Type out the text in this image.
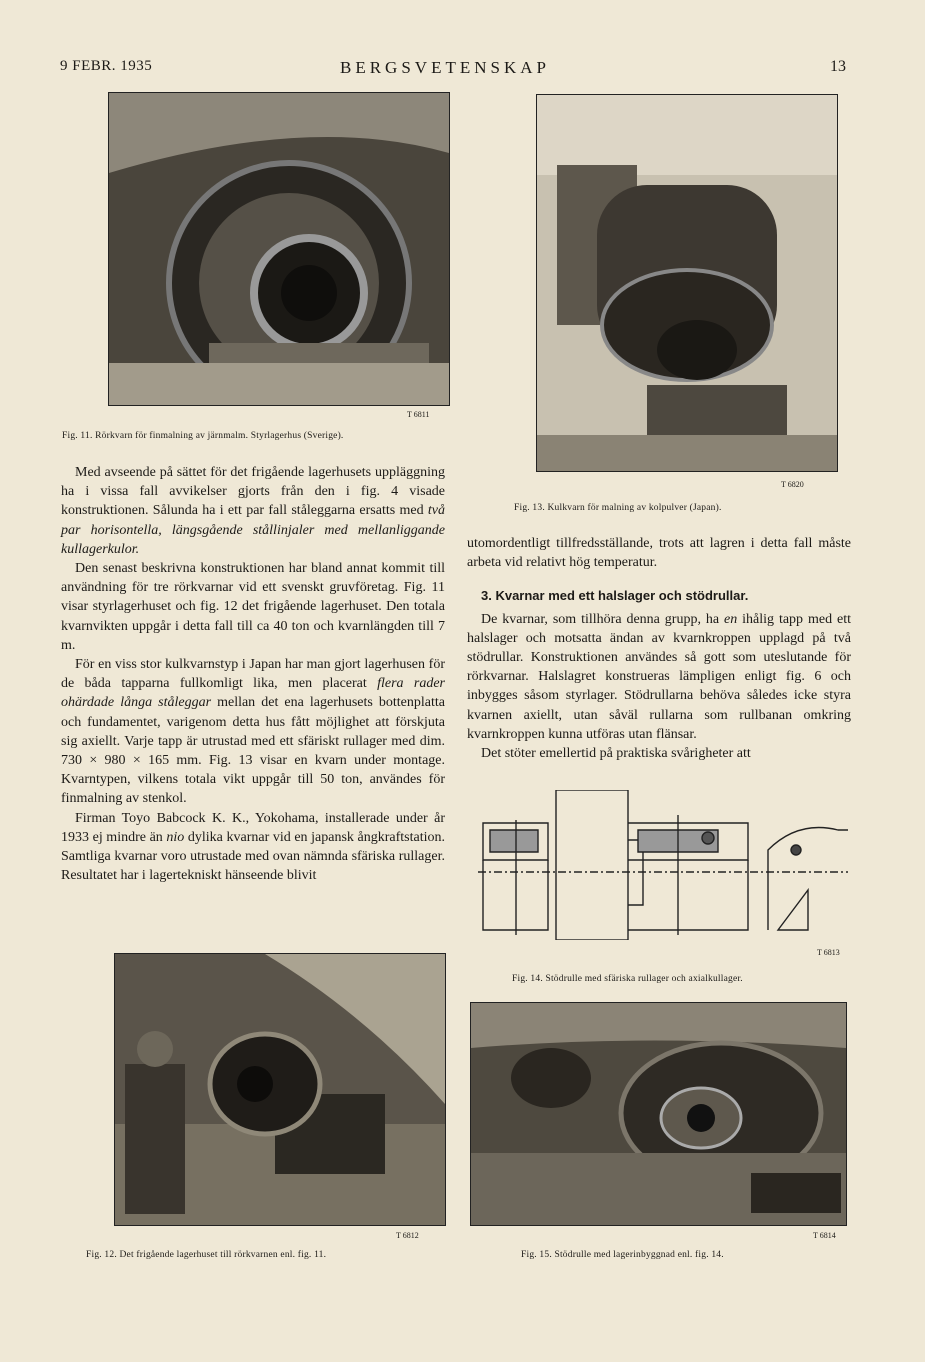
9 FEBR. 1935	BERGSVETENSKAP	13
T 6811
Fig. 11. Rörkvarn för finmalning av järnmalm. Styrlagerhus (Sverige).
T 6820
Fig. 13. Kulkvarn för malning av kolpulver (Japan).

Med avseende på sättet för det frigående lagerhusets uppläggning ha i vissa fall avvikelser gjorts från den i fig. 4 visade konstruktionen. Sålunda ha i ett par fall ståleggarna ersatts med två par horisontella, längsgående stållinjaler med mellanliggande kullagerkulor.

Den senast beskrivna konstruktionen har bland annat kommit till användning för tre rörkvarnar vid ett svenskt gruvföretag. Fig. 11 visar styrlagerhuset och fig. 12 det frigående lagerhuset. Den totala kvarnvikten uppgår i detta fall till ca 40 ton och kvarnlängden till 7 m.

För en viss stor kulkvarnstyp i Japan har man gjort lagerhusen för de båda tapparna fullkomligt lika, men placerat flera rader ohärdade långa ståleggar mellan det ena lagerhusets bottenplatta och fundamentet, varigenom detta hus fått möjlighet att förskjuta sig axiellt. Varje tapp är utrustad med ett sfäriskt rullager med dim. 730 × 980 × 165 mm. Fig. 13 visar en kvarn under montage. Kvarntypen, vilkens totala vikt uppgår till 50 ton, användes för finmalning av stenkol.

Firman Toyo Babcock K. K., Yokohama, installerade under år 1933 ej mindre än nio dylika kvarnar vid en japansk ångkraftstation. Samtliga kvarnar voro utrustade med ovan nämnda sfäriska rullager. Resultatet har i lagertekniskt hänseende blivit

utomordentligt tillfredsställande, trots att lagren i detta fall måste arbeta vid relativt hög temperatur.

3. Kvarnar med ett halslager och stödrullar.

De kvarnar, som tillhöra denna grupp, ha en ihålig tapp med ett halslager och motsatta ändan av kvarnkroppen upplagd på två stödrullar. Konstruktionen användes så gott som uteslutande för rörkvarnar. Halslagret konstrueras lämpligen enligt fig. 6 och inbygges såsom styrlager. Stödrullarna behöva således icke styra kvarnen axiellt, utan såväl rullarna som rullbanan omkring kvarnkroppen kunna utföras utan flänsar.

Det stöter emellertid på praktiska svårigheter att

T 6813
Fig. 14. Stödrulle med sfäriska rullager och axialkullager.
T 6812
Fig. 12. Det frigående lagerhuset till rörkvarnen enl. fig. 11.
T 6814
Fig. 15. Stödrulle med lagerinbyggnad enl. fig. 14.
